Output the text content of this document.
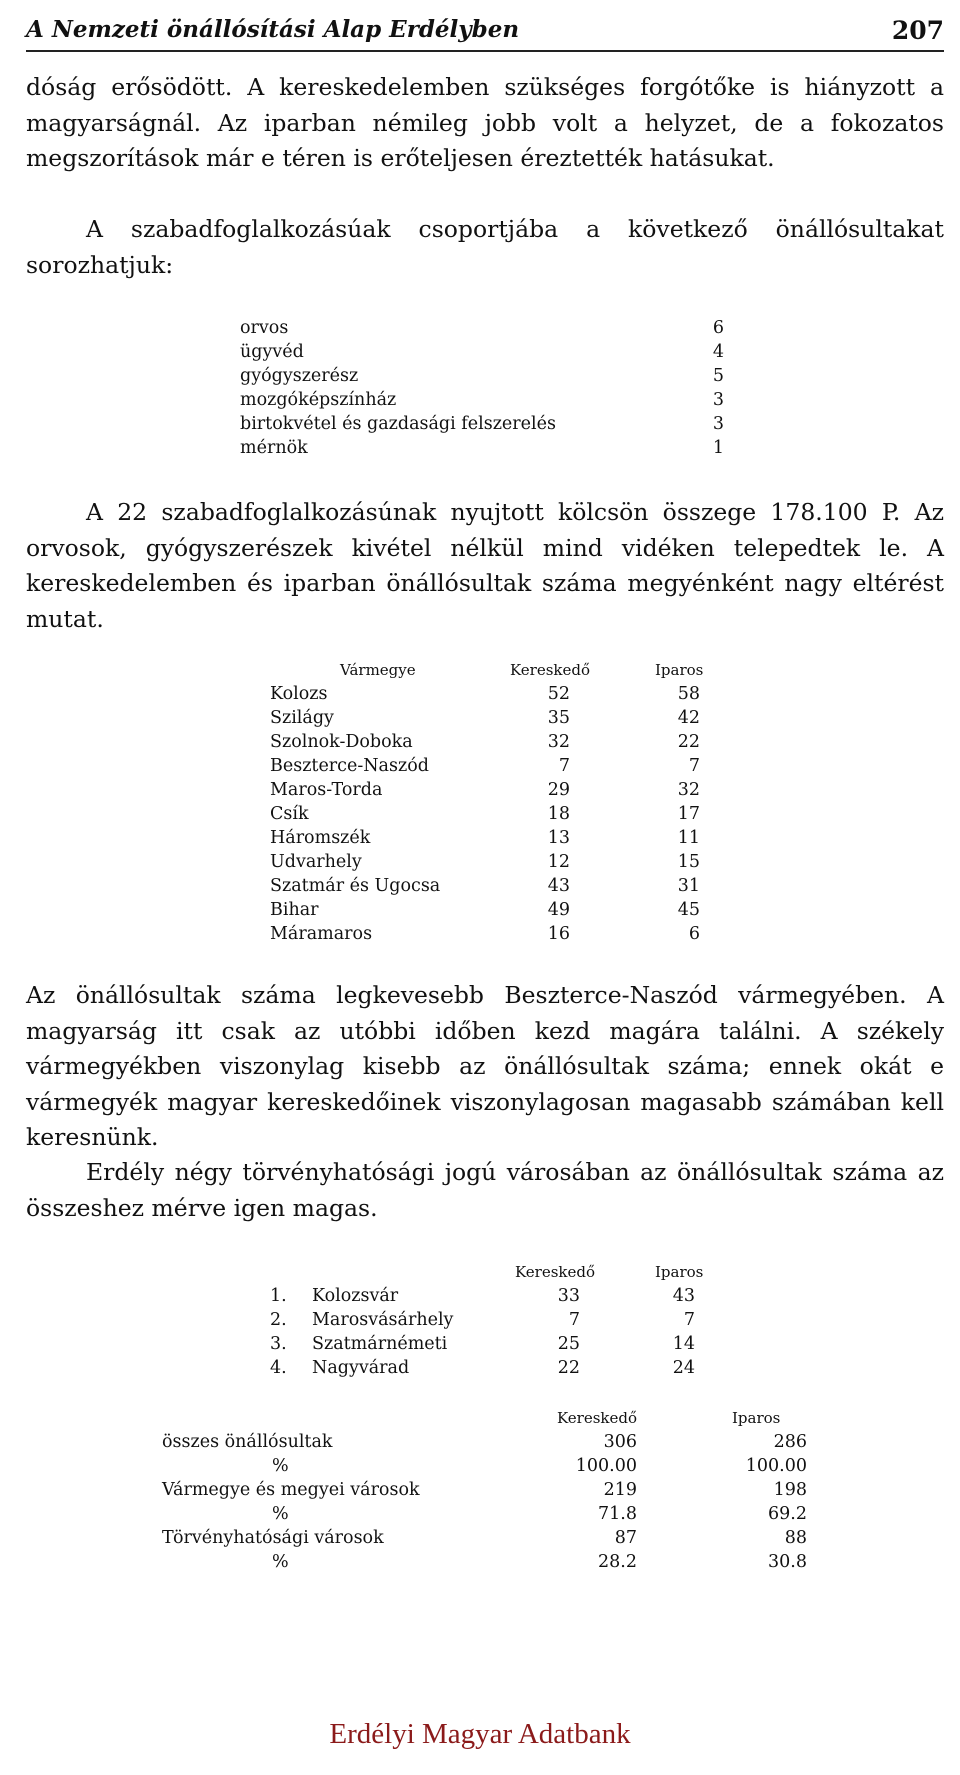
A Nemzeti önállósítási Alap Erdélyben	207

dóság erősödött. A kereskedelemben szükséges forgótőke is hiányzott a magyarságnál. Az iparban némileg jobb volt a helyzet, de a fokozatos megszorítások már e téren is erőteljesen éreztették hatásukat.

A szabadfoglalkozásúak csoportjába a következő önállósultakat sorozhatjuk:

orvos	6
ügyvéd	4
gyógyszerész	5
mozgóképszínház	3
birtokvétel és gazdasági felszerelés	3
mérnök	1

A 22 szabadfoglalkozásúnak nyujtott kölcsön összege 178.100 P. Az orvosok, gyógyszerészek kivétel nélkül mind vidéken telepedtek le. A kereskedelemben és iparban önállósultak száma megyénként nagy eltérést mutat.

Vármegye	Kereskedő	Iparos
Kolozs	52	58
Szilágy	35	42
Szolnok-Doboka	32	22
Beszterce-Naszód	7	7
Maros-Torda	29	32
Csík	18	17
Háromszék	13	11
Udvarhely	12	15
Szatmár és Ugocsa	43	31
Bihar	49	45
Máramaros	16	6

Az önállósultak száma legkevesebb Beszterce-Naszód vármegyében. A magyarság itt csak az utóbbi időben kezd magára találni. A székely vármegyékben viszonylag kisebb az önállósultak száma; ennek okát e vármegyék magyar kereskedőinek viszonylagosan magasabb számában kell keresnünk.

Erdély négy törvényhatósági jogú városában az önállósultak száma az összeshez mérve igen magas.

Kereskedő	Iparos
1. Kolozsvár	33	43
2. Marosvásárhely	7	7
3. Szatmárnémeti	25	14
4. Nagyvárad	22	24
Kereskedő	Iparos
összes önállósultak	306	286
%	100.00	100.00
Vármegye és megyei városok	219	198
%	71.8	69.2
Törvényhatósági városok	87	88
%	28.2	30.8
Erdélyi Magyar Adatbank
